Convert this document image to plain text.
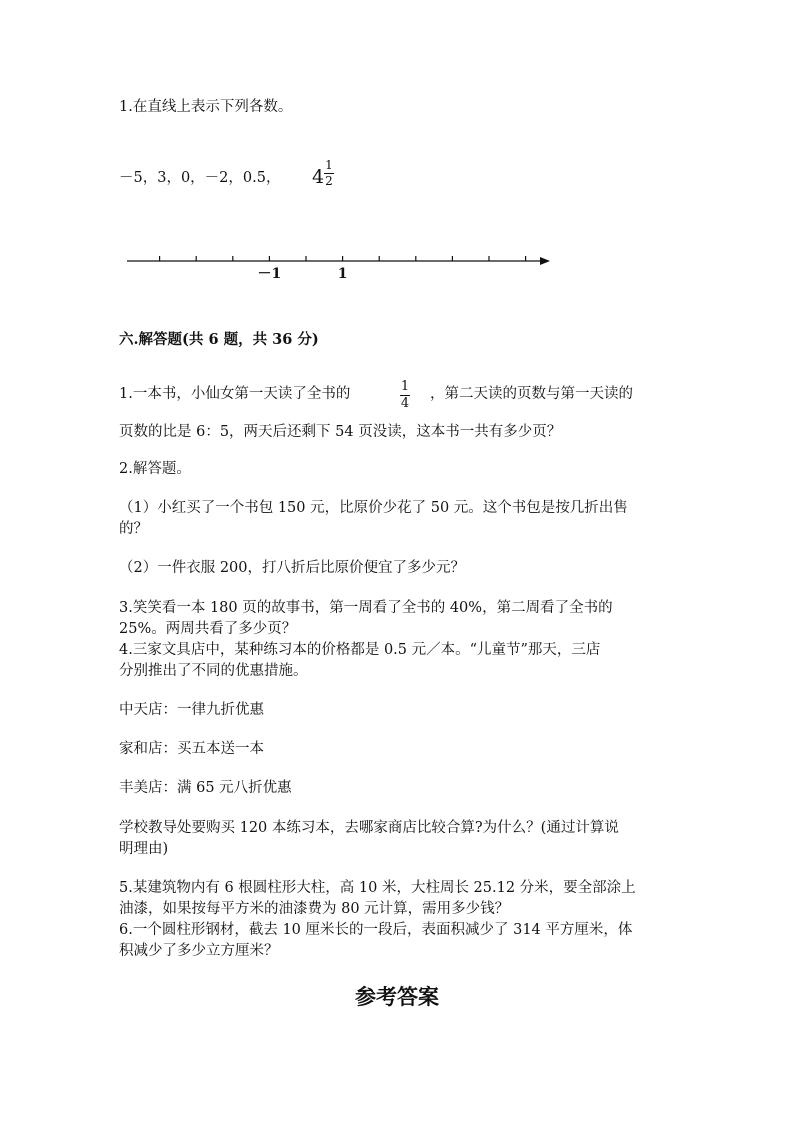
1.在直线上表示下列各数。
－5，3，0，－2，0.5， 4
1
2
－1	1
六.解答题(共 6 题，共 36 分)
1.一本书，小仙女第一天读了全书的	1
4
，第二天读的页数与第一天读的
页数的比是 6：5，两天后还剩下 54 页没读，这本书一共有多少页？
2.解答题。
（1）小红买了一个书包 150 元，比原价少花了 50 元。这个书包是按几折出售
的？
（2）一件衣服 200，打八折后比原价便宜了多少元？
3.笑笑看一本 180 页的故事书，第一周看了全书的 40%，第二周看了全书的
25%。两周共看了多少页？
4.三家文具店中，某种练习本的价格都是 0.5 元／本。“儿童节”那天，三店
分别推出了不同的优惠措施。
中天店：一律九折优惠
家和店：买五本送一本
丰美店：满 65 元八折优惠
学校教导处要购买 120 本练习本，去哪家商店比较合算?为什么？(通过计算说
明理由)
5.某建筑物内有 6 根圆柱形大柱，高 10 米，大柱周长 25.12 分米，要全部涂上
油漆，如果按每平方米的油漆费为 80 元计算，需用多少钱？
6.一个圆柱形钢材，截去 10 厘米长的一段后，表面积减少了 314 平方厘米，体
积减少了多少立方厘米？
参考答案
